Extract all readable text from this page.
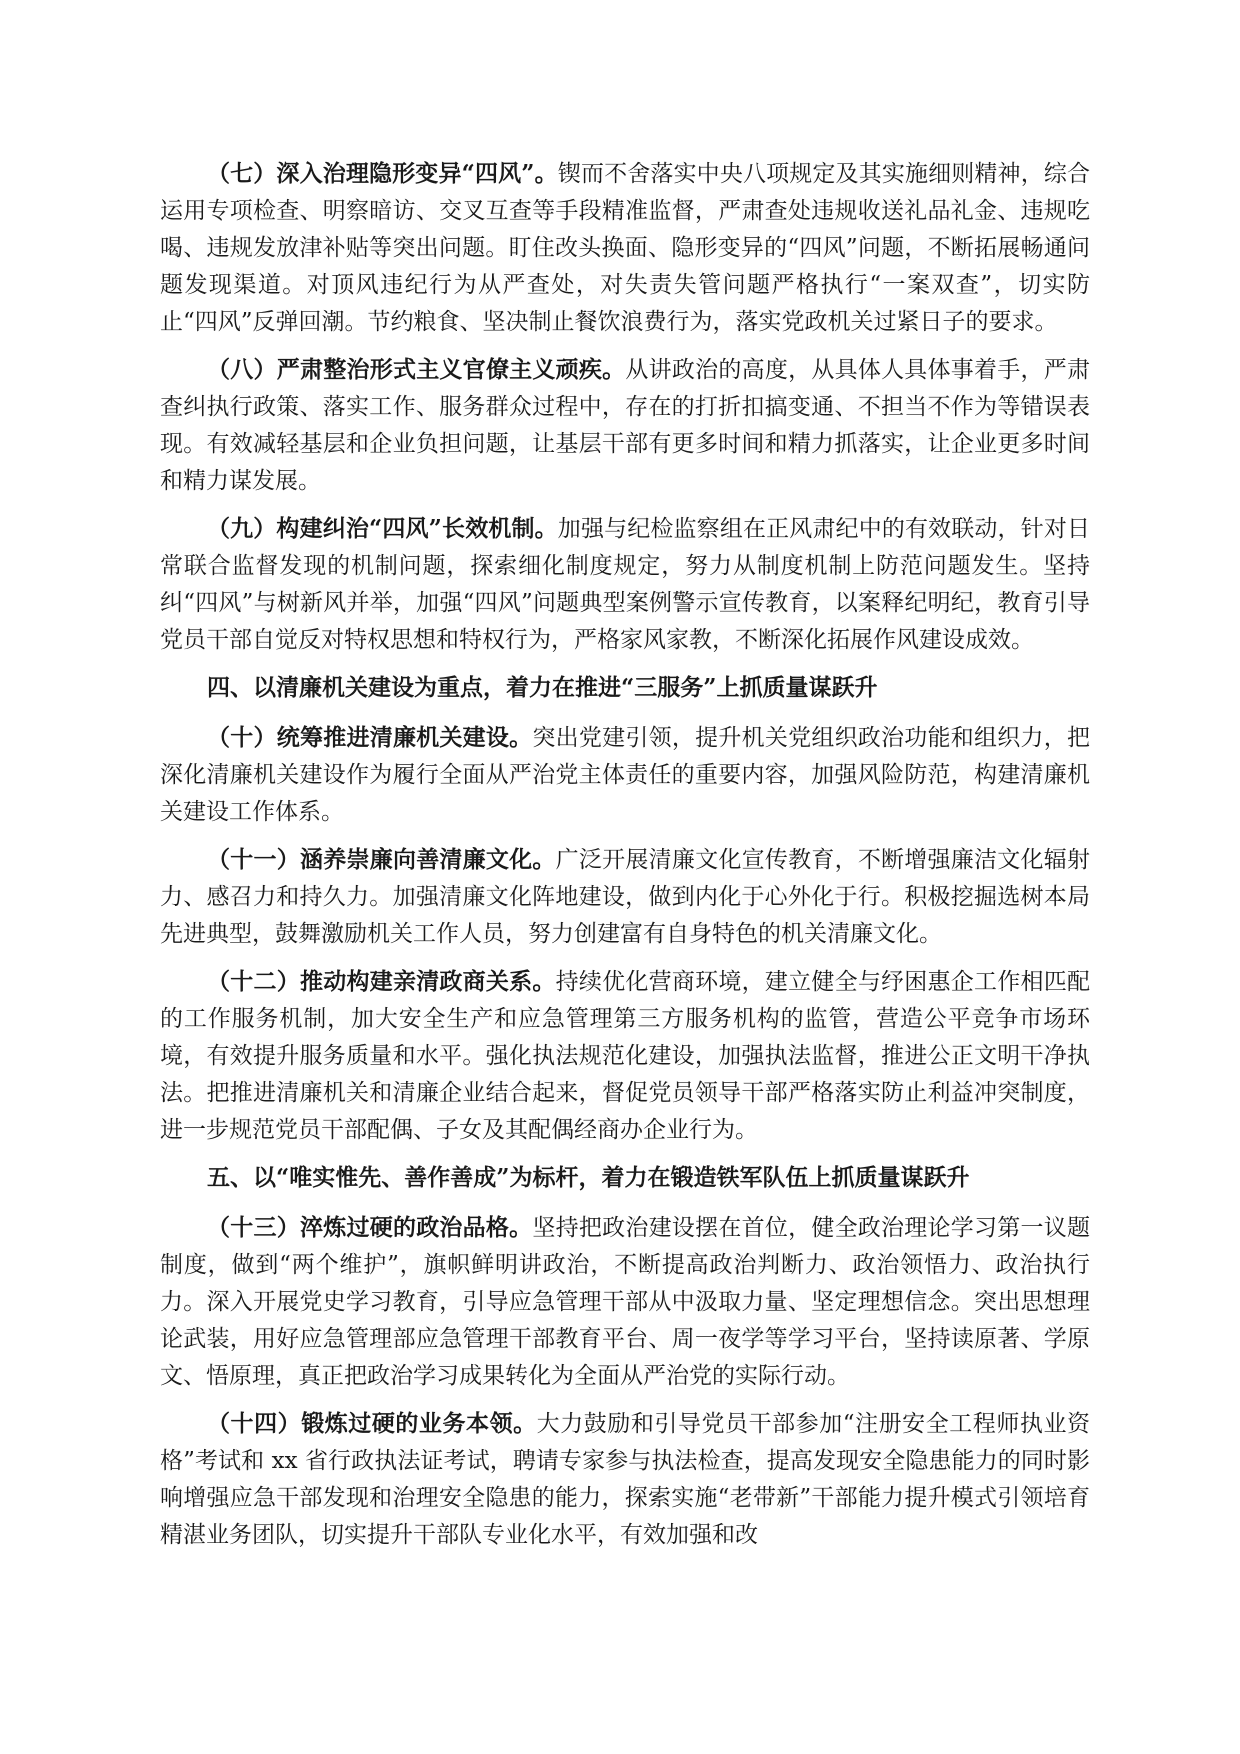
（七）深入治理隐形变异“四风”。锲而不舍落实中央八项规定及其实施细则精神，综合运用专项检查、明察暗访、交叉互查等手段精准监督，严肃查处违规收送礼品礼金、违规吃喝、违规发放津补贴等突出问题。盯住改头换面、隐形变异的“四风”问题，不断拓展畅通问题发现渠道。对顶风违纪行为从严查处，对失责失管问题严格执行“一案双查”，切实防止“四风”反弹回潮。节约粮食、坚决制止餐饮浪费行为，落实党政机关过紧日子的要求。

（八）严肃整治形式主义官僚主义顽疾。从讲政治的高度，从具体人具体事着手，严肃查纠执行政策、落实工作、服务群众过程中，存在的打折扣搞变通、不担当不作为等错误表现。有效减轻基层和企业负担问题，让基层干部有更多时间和精力抓落实，让企业更多时间和精力谋发展。

（九）构建纠治“四风”长效机制。加强与纪检监察组在正风肃纪中的有效联动，针对日常联合监督发现的机制问题，探索细化制度规定，努力从制度机制上防范问题发生。坚持纠“四风”与树新风并举，加强“四风”问题典型案例警示宣传教育，以案释纪明纪，教育引导党员干部自觉反对特权思想和特权行为，严格家风家教，不断深化拓展作风建设成效。

四、以清廉机关建设为重点，着力在推进“三服务”上抓质量谋跃升

（十）统筹推进清廉机关建设。突出党建引领，提升机关党组织政治功能和组织力，把深化清廉机关建设作为履行全面从严治党主体责任的重要内容，加强风险防范，构建清廉机关建设工作体系。

（十一）涵养崇廉向善清廉文化。广泛开展清廉文化宣传教育，不断增强廉洁文化辐射力、感召力和持久力。加强清廉文化阵地建设，做到内化于心外化于行。积极挖掘选树本局先进典型，鼓舞激励机关工作人员，努力创建富有自身特色的机关清廉文化。

（十二）推动构建亲清政商关系。持续优化营商环境，建立健全与纾困惠企工作相匹配的工作服务机制，加大安全生产和应急管理第三方服务机构的监管，营造公平竞争市场环境，有效提升服务质量和水平。强化执法规范化建设，加强执法监督，推进公正文明干净执法。把推进清廉机关和清廉企业结合起来，督促党员领导干部严格落实防止利益冲突制度，进一步规范党员干部配偶、子女及其配偶经商办企业行为。

五、以“唯实惟先、善作善成”为标杆，着力在锻造铁军队伍上抓质量谋跃升

（十三）淬炼过硬的政治品格。坚持把政治建设摆在首位，健全政治理论学习第一议题制度，做到“两个维护”，旗帜鲜明讲政治，不断提高政治判断力、政治领悟力、政治执行力。深入开展党史学习教育，引导应急管理干部从中汲取力量、坚定理想信念。突出思想理论武装，用好应急管理部应急管理干部教育平台、周一夜学等学习平台，坚持读原著、学原文、悟原理，真正把政治学习成果转化为全面从严治党的实际行动。

（十四）锻炼过硬的业务本领。大力鼓励和引导党员干部参加“注册安全工程师执业资格”考试和 xx 省行政执法证考试，聘请专家参与执法检查，提高发现安全隐患能力的同时影响增强应急干部发现和治理安全隐患的能力，探索实施“老带新”干部能力提升模式引领培育精湛业务团队，切实提升干部队专业化水平，有效加强和改
